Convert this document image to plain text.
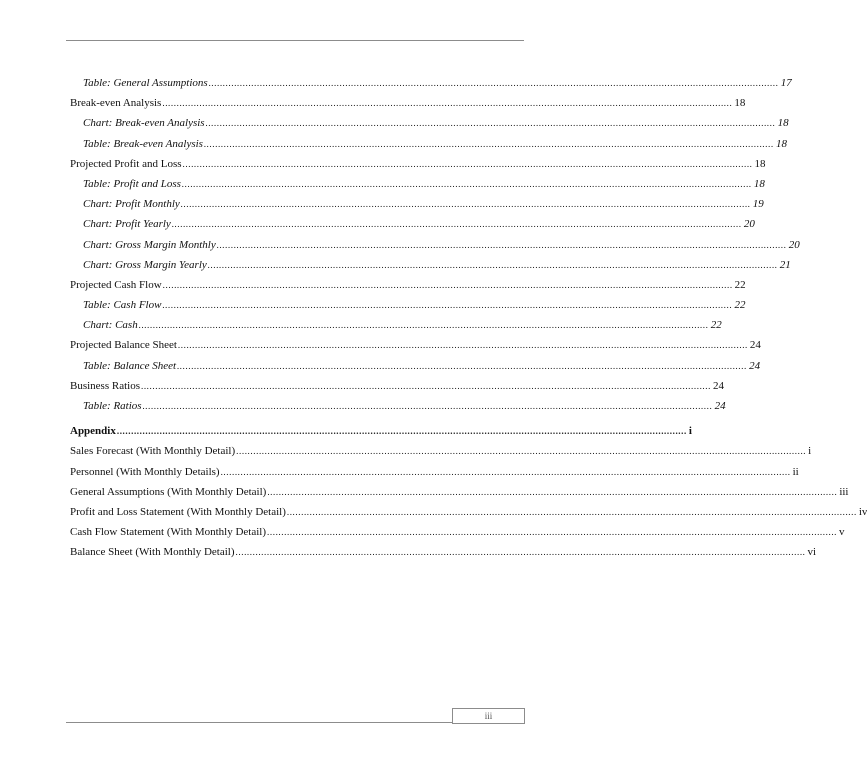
Table: General Assumptions ........................................................................................................................................................................................................ 17
Break-even Analysis ........................................................................................................................................................................................................ 18
Chart: Break-even Analysis ........................................................................................................................................................................................................ 18
Table: Break-even Analysis ........................................................................................................................................................................................................ 18
Projected Profit and Loss ........................................................................................................................................................................................................ 18
Table: Profit and Loss ........................................................................................................................................................................................................ 18
Chart: Profit Monthly ........................................................................................................................................................................................................ 19
Chart: Profit Yearly ........................................................................................................................................................................................................ 20
Chart: Gross Margin Monthly ........................................................................................................................................................................................................ 20
Chart: Gross Margin Yearly ........................................................................................................................................................................................................ 21
Projected Cash Flow ........................................................................................................................................................................................................ 22
Table: Cash Flow ........................................................................................................................................................................................................ 22
Chart: Cash ........................................................................................................................................................................................................ 22
Projected Balance Sheet ........................................................................................................................................................................................................ 24
Table: Balance Sheet ........................................................................................................................................................................................................ 24
Business Ratios ........................................................................................................................................................................................................ 24
Table: Ratios ........................................................................................................................................................................................................ 24
Appendix ........................................................................................................................................................................................................ i
Sales Forecast (With Monthly Detail) ........................................................................................................................................................................................................ i
Personnel (With Monthly Details) ........................................................................................................................................................................................................ ii
General Assumptions (With Monthly Detail) ........................................................................................................................................................................................................ iii
Profit and Loss Statement (With Monthly Detail) ........................................................................................................................................................................................................ iv
Cash Flow Statement (With Monthly Detail) ........................................................................................................................................................................................................ v
Balance Sheet (With Monthly Detail) ........................................................................................................................................................................................................ vi
iii
